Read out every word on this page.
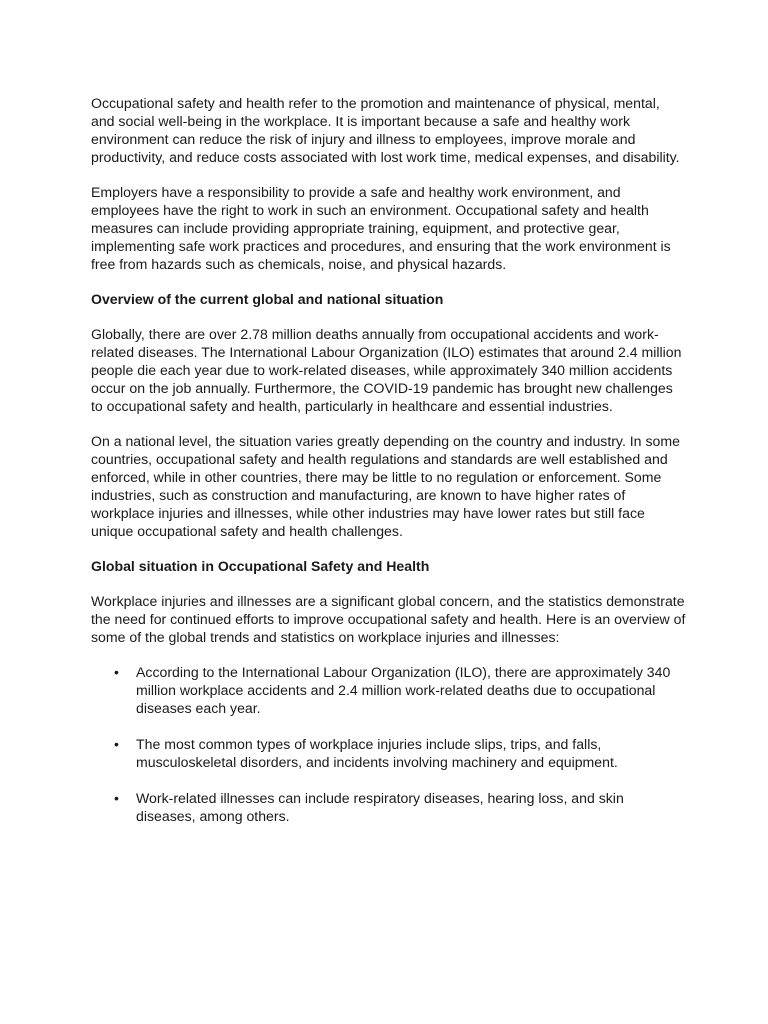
Occupational safety and health refer to the promotion and maintenance of physical, mental, and social well-being in the workplace. It is important because a safe and healthy work environment can reduce the risk of injury and illness to employees, improve morale and productivity, and reduce costs associated with lost work time, medical expenses, and disability.

Employers have a responsibility to provide a safe and healthy work environment, and employees have the right to work in such an environment. Occupational safety and health measures can include providing appropriate training, equipment, and protective gear, implementing safe work practices and procedures, and ensuring that the work environment is free from hazards such as chemicals, noise, and physical hazards.

Overview of the current global and national situation

Globally, there are over 2.78 million deaths annually from occupational accidents and work-related diseases. The International Labour Organization (ILO) estimates that around 2.4 million people die each year due to work-related diseases, while approximately 340 million accidents occur on the job annually. Furthermore, the COVID-19 pandemic has brought new challenges to occupational safety and health, particularly in healthcare and essential industries.

On a national level, the situation varies greatly depending on the country and industry. In some countries, occupational safety and health regulations and standards are well established and enforced, while in other countries, there may be little to no regulation or enforcement. Some industries, such as construction and manufacturing, are known to have higher rates of workplace injuries and illnesses, while other industries may have lower rates but still face unique occupational safety and health challenges.

Global situation in Occupational Safety and Health

Workplace injuries and illnesses are a significant global concern, and the statistics demonstrate the need for continued efforts to improve occupational safety and health. Here is an overview of some of the global trends and statistics on workplace injuries and illnesses:

• According to the International Labour Organization (ILO), there are approximately 340 million workplace accidents and 2.4 million work-related deaths due to occupational diseases each year.
• The most common types of workplace injuries include slips, trips, and falls, musculoskeletal disorders, and incidents involving machinery and equipment.
• Work-related illnesses can include respiratory diseases, hearing loss, and skin diseases, among others.
